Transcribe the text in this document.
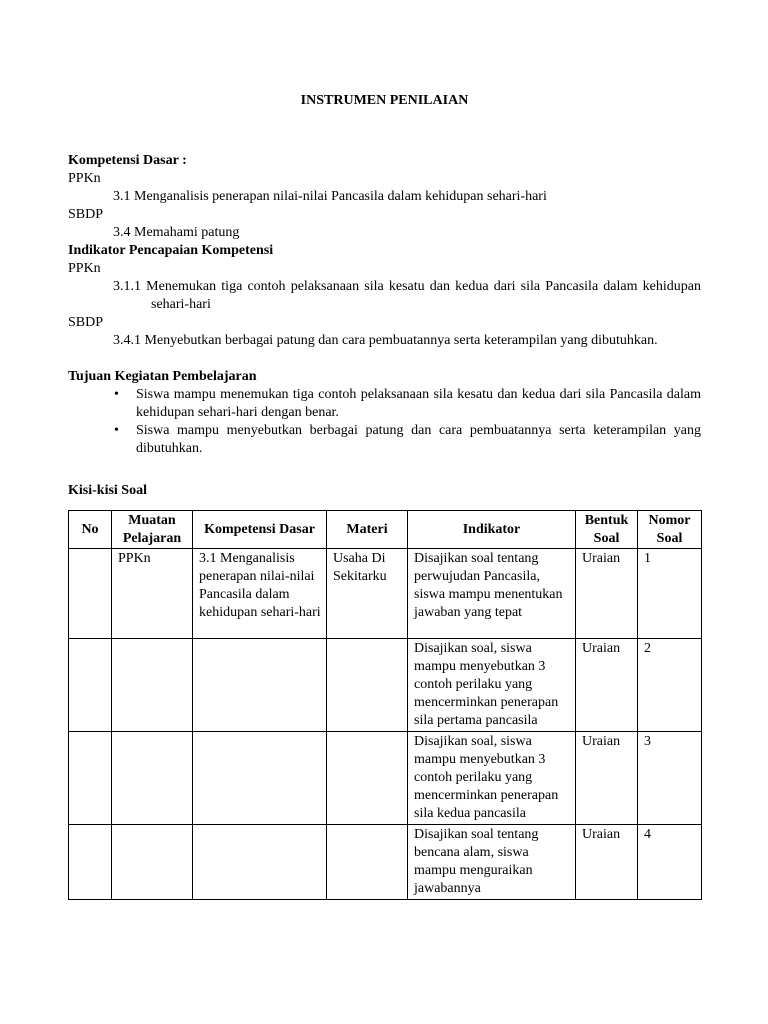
INSTRUMEN PENILAIAN
Kompetensi Dasar :
PPKn
3.1 Menganalisis penerapan nilai-nilai Pancasila dalam kehidupan sehari-hari
SBDP
3.4 Memahami patung
Indikator Pencapaian Kompetensi
PPKn
3.1.1 Menemukan tiga contoh pelaksanaan sila kesatu dan kedua dari sila Pancasila dalam kehidupan sehari-hari
SBDP
3.4.1 Menyebutkan berbagai patung dan cara pembuatannya serta keterampilan yang dibutuhkan.
Tujuan Kegiatan Pembelajaran
• Siswa mampu menemukan tiga contoh pelaksanaan sila kesatu dan kedua dari sila Pancasila dalam kehidupan sehari-hari dengan benar.
• Siswa mampu menyebutkan berbagai patung dan cara pembuatannya serta keterampilan yang dibutuhkan.
Kisi-kisi Soal
No	Muatan Pelajaran	Kompetensi Dasar	Materi	Indikator	Bentuk Soal	Nomor Soal
	PPKn	3.1 Menganalisis penerapan nilai-nilai Pancasila dalam kehidupan sehari-hari	Usaha Di Sekitarku	Disajikan soal tentang perwujudan Pancasila, siswa mampu menentukan jawaban yang tepat	Uraian	1
				Disajikan soal, siswa mampu menyebutkan 3 contoh perilaku yang mencerminkan penerapan sila pertama pancasila	Uraian	2
				Disajikan soal, siswa mampu menyebutkan 3 contoh perilaku yang mencerminkan penerapan sila kedua pancasila	Uraian	3
				Disajikan soal tentang bencana alam, siswa mampu menguraikan jawabannya	Uraian	4
